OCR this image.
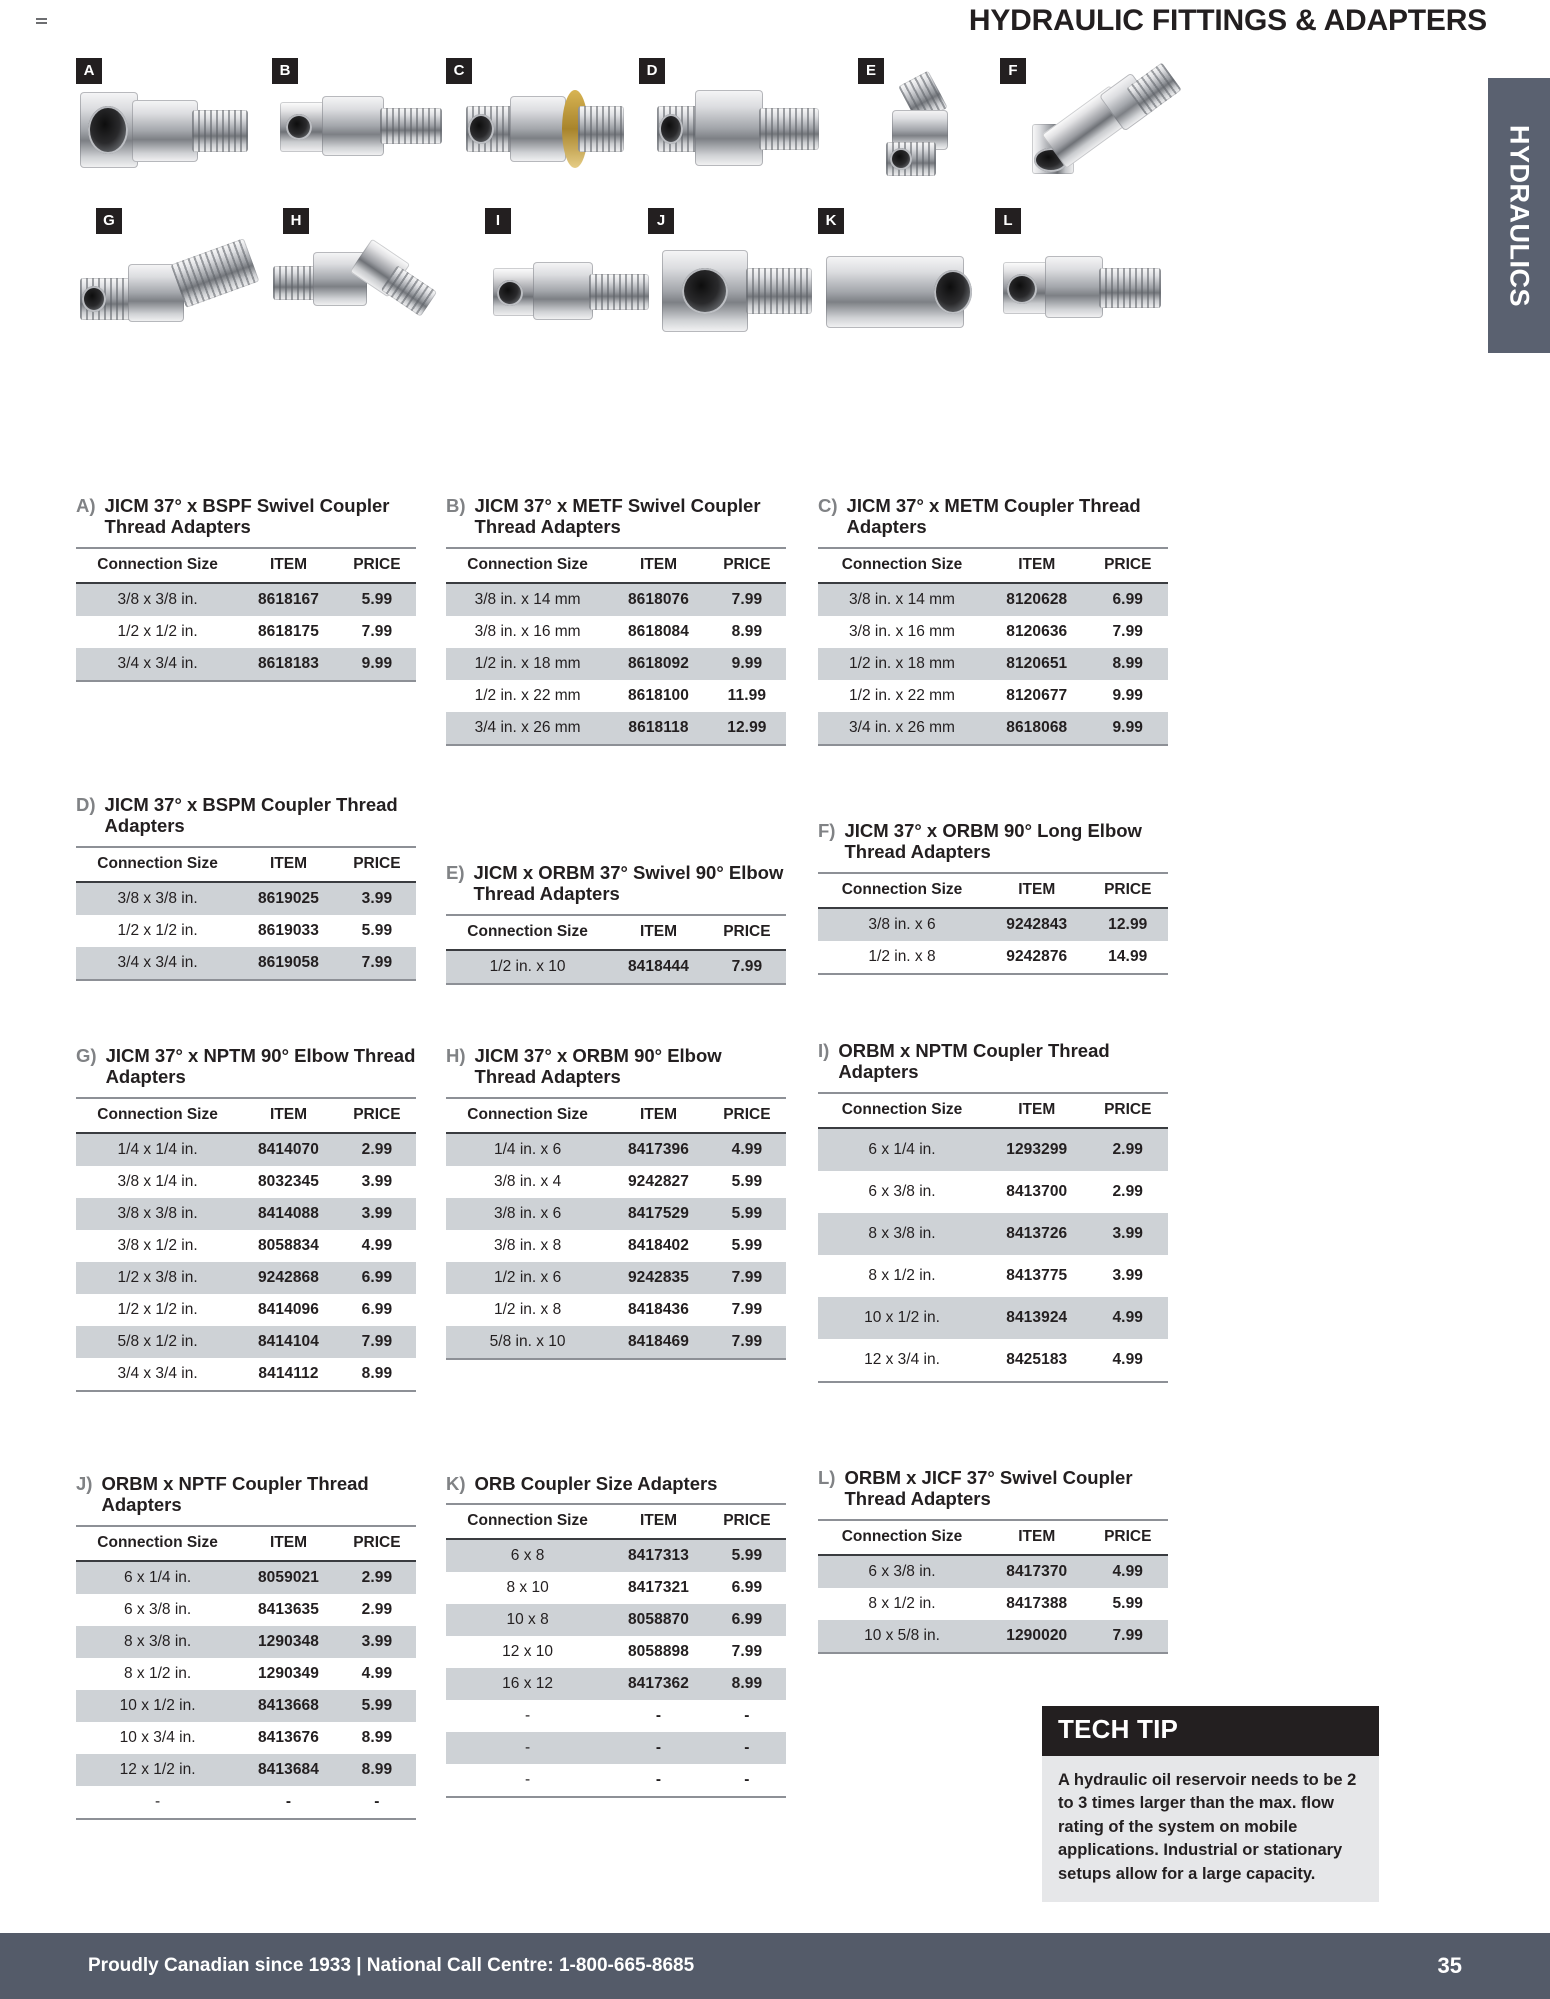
HYDRAULIC FITTINGS & ADAPTERS
HYDRAULICS
A	B	C	D	E	F
G	H	I	J	K	L
A) JICM 37° x BSPF Swivel Coupler Thread Adapters
Connection Size	ITEM	PRICE
3/8 x 3/8 in.	8618167	5.99
1/2 x 1/2 in.	8618175	7.99
3/4 x 3/4 in.	8618183	9.99
B) JICM 37° x METF Swivel Coupler Thread Adapters
Connection Size	ITEM	PRICE
3/8 in. x 14 mm	8618076	7.99
3/8 in. x 16 mm	8618084	8.99
1/2 in. x 18 mm	8618092	9.99
1/2 in. x 22 mm	8618100	11.99
3/4 in. x 26 mm	8618118	12.99
C) JICM 37° x METM Coupler Thread Adapters
Connection Size	ITEM	PRICE
3/8 in. x 14 mm	8120628	6.99
3/8 in. x 16 mm	8120636	7.99
1/2 in. x 18 mm	8120651	8.99
1/2 in. x 22 mm	8120677	9.99
3/4 in. x 26 mm	8618068	9.99
D) JICM 37° x BSPM Coupler Thread Adapters
Connection Size	ITEM	PRICE
3/8 x 3/8 in.	8619025	3.99
1/2 x 1/2 in.	8619033	5.99
3/4 x 3/4 in.	8619058	7.99
E) JICM x ORBM 37° Swivel 90° Elbow Thread Adapters
Connection Size	ITEM	PRICE
1/2 in. x 10	8418444	7.99
F) JICM 37° x ORBM 90° Long Elbow Thread Adapters
Connection Size	ITEM	PRICE
3/8 in. x 6	9242843	12.99
1/2 in. x 8	9242876	14.99
G) JICM 37° x NPTM 90° Elbow Thread Adapters
Connection Size	ITEM	PRICE
1/4 x 1/4 in.	8414070	2.99
3/8 x 1/4 in.	8032345	3.99
3/8 x 3/8 in.	8414088	3.99
3/8 x 1/2 in.	8058834	4.99
1/2 x 3/8 in.	9242868	6.99
1/2 x 1/2 in.	8414096	6.99
5/8 x 1/2 in.	8414104	7.99
3/4 x 3/4 in.	8414112	8.99
H) JICM 37° x ORBM 90° Elbow Thread Adapters
Connection Size	ITEM	PRICE
1/4 in. x 6	8417396	4.99
3/8 in. x 4	9242827	5.99
3/8 in. x 6	8417529	5.99
3/8 in. x 8	8418402	5.99
1/2 in. x 6	9242835	7.99
1/2 in. x 8	8418436	7.99
5/8 in. x 10	8418469	7.99
I) ORBM x NPTM Coupler Thread Adapters
Connection Size	ITEM	PRICE
6 x 1/4 in.	1293299	2.99
6 x 3/8 in.	8413700	2.99
8 x 3/8 in.	8413726	3.99
8 x 1/2 in.	8413775	3.99
10 x 1/2 in.	8413924	4.99
12 x 3/4 in.	8425183	4.99
J) ORBM x NPTF Coupler Thread Adapters
Connection Size	ITEM	PRICE
6 x 1/4 in.	8059021	2.99
6 x 3/8 in.	8413635	2.99
8 x 3/8 in.	1290348	3.99
8 x 1/2 in.	1290349	4.99
10 x 1/2 in.	8413668	5.99
10 x 3/4 in.	8413676	8.99
12 x 1/2 in.	8413684	8.99
-	-	-
K) ORB Coupler Size Adapters
Connection Size	ITEM	PRICE
6 x 8	8417313	5.99
8 x 10	8417321	6.99
10 x 8	8058870	6.99
12 x 10	8058898	7.99
16 x 12	8417362	8.99
-	-	-
-	-	-
-	-	-
L) ORBM x JICF 37° Swivel Coupler Thread Adapters
Connection Size	ITEM	PRICE
6 x 3/8 in.	8417370	4.99
8 x 1/2 in.	8417388	5.99
10 x 5/8 in.	1290020	7.99
TECH TIP
A hydraulic oil reservoir needs to be 2 to 3 times larger than the max. flow rating of the system on mobile applications. Industrial or stationary setups allow for a large capacity.
Proudly Canadian since 1933 | National Call Centre: 1-800-665-8685	35
